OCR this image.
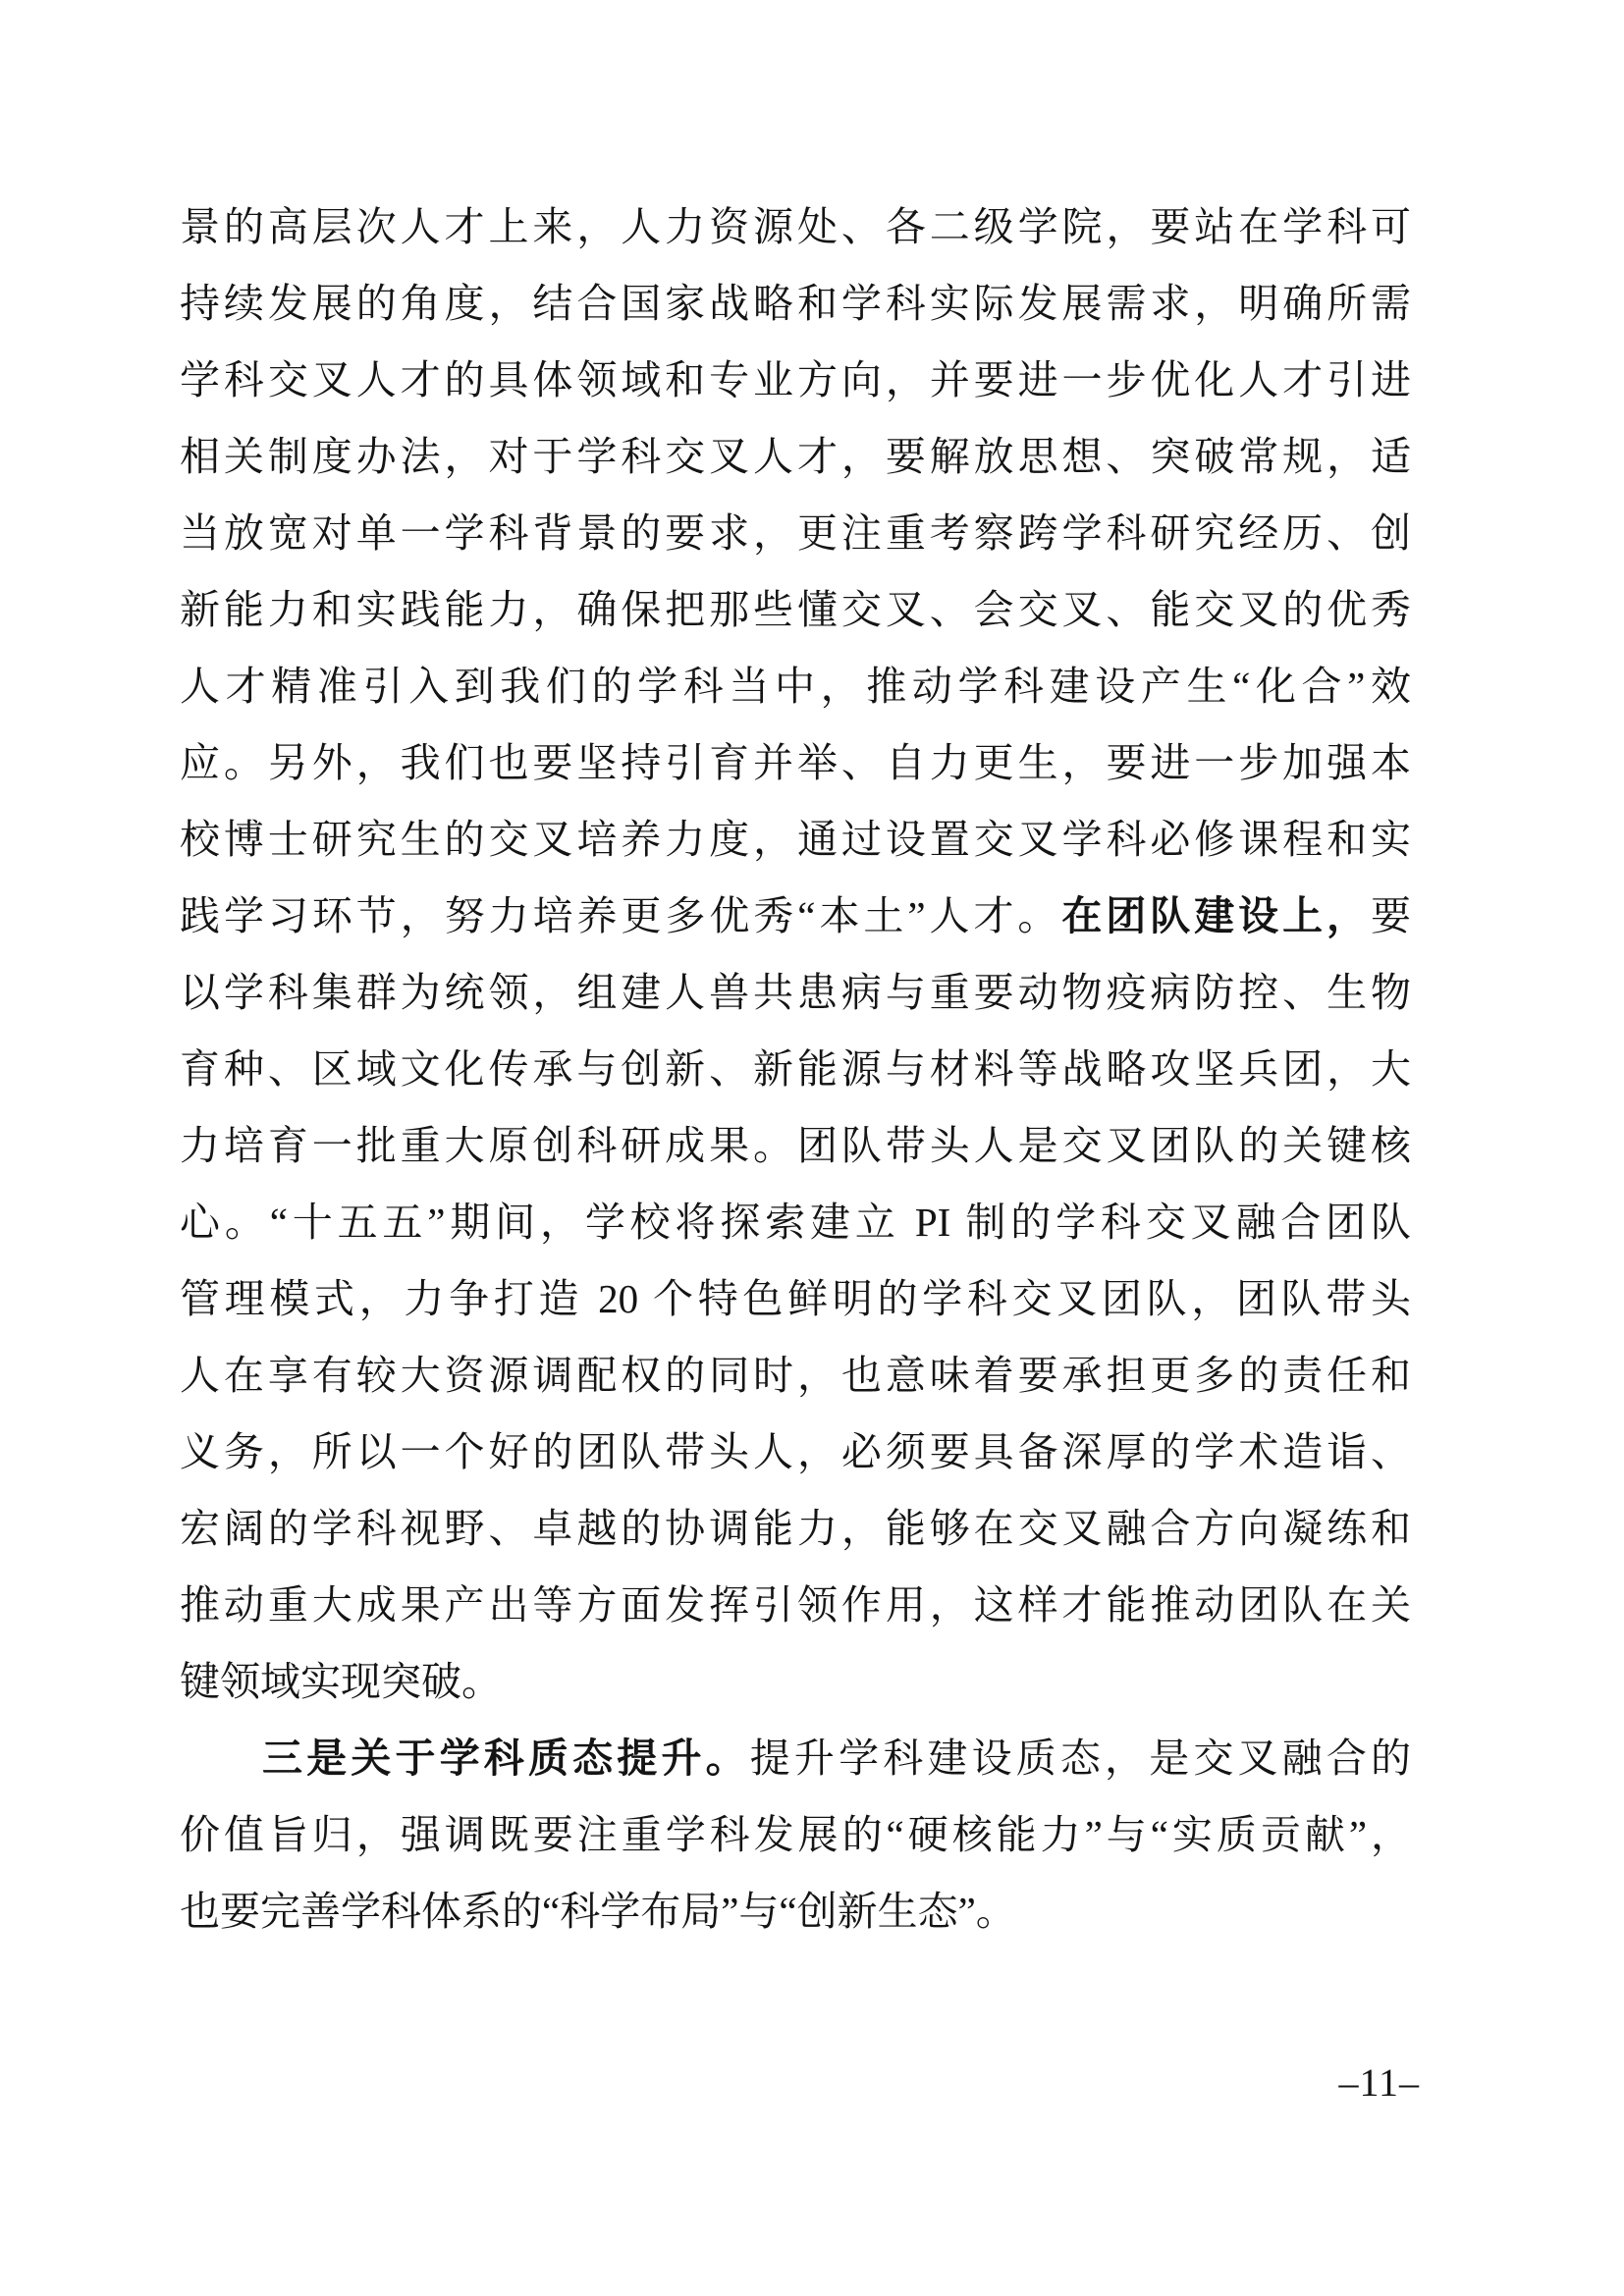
景的高层次人才上来，人力资源处、各二级学院，要站在学科可
持续发展的角度，结合国家战略和学科实际发展需求，明确所需
学科交叉人才的具体领域和专业方向，并要进一步优化人才引进
相关制度办法，对于学科交叉人才，要解放思想、突破常规，适
当放宽对单一学科背景的要求，更注重考察跨学科研究经历、创
新能力和实践能力，确保把那些懂交叉、会交叉、能交叉的优秀
人才精准引入到我们的学科当中，推动学科建设产生“化合”效
应。另外，我们也要坚持引育并举、自力更生，要进一步加强本
校博士研究生的交叉培养力度，通过设置交叉学科必修课程和实
践学习环节，努力培养更多优秀“本土”人才。在团队建设上，要
以学科集群为统领，组建人兽共患病与重要动物疫病防控、生物
育种、区域文化传承与创新、新能源与材料等战略攻坚兵团，大
力培育一批重大原创科研成果。团队带头人是交叉团队的关键核
心。“十五五”期间，学校将探索建立 PI 制的学科交叉融合团队
管理模式，力争打造 20 个特色鲜明的学科交叉团队，团队带头
人在享有较大资源调配权的同时，也意味着要承担更多的责任和
义务，所以一个好的团队带头人，必须要具备深厚的学术造诣、
宏阔的学科视野、卓越的协调能力，能够在交叉融合方向凝练和
推动重大成果产出等方面发挥引领作用，这样才能推动团队在关
键领域实现突破。
三是关于学科质态提升。提升学科建设质态，是交叉融合的
价值旨归，强调既要注重学科发展的“硬核能力”与“实质贡献”，
也要完善学科体系的“科学布局”与“创新生态”。
–11–
